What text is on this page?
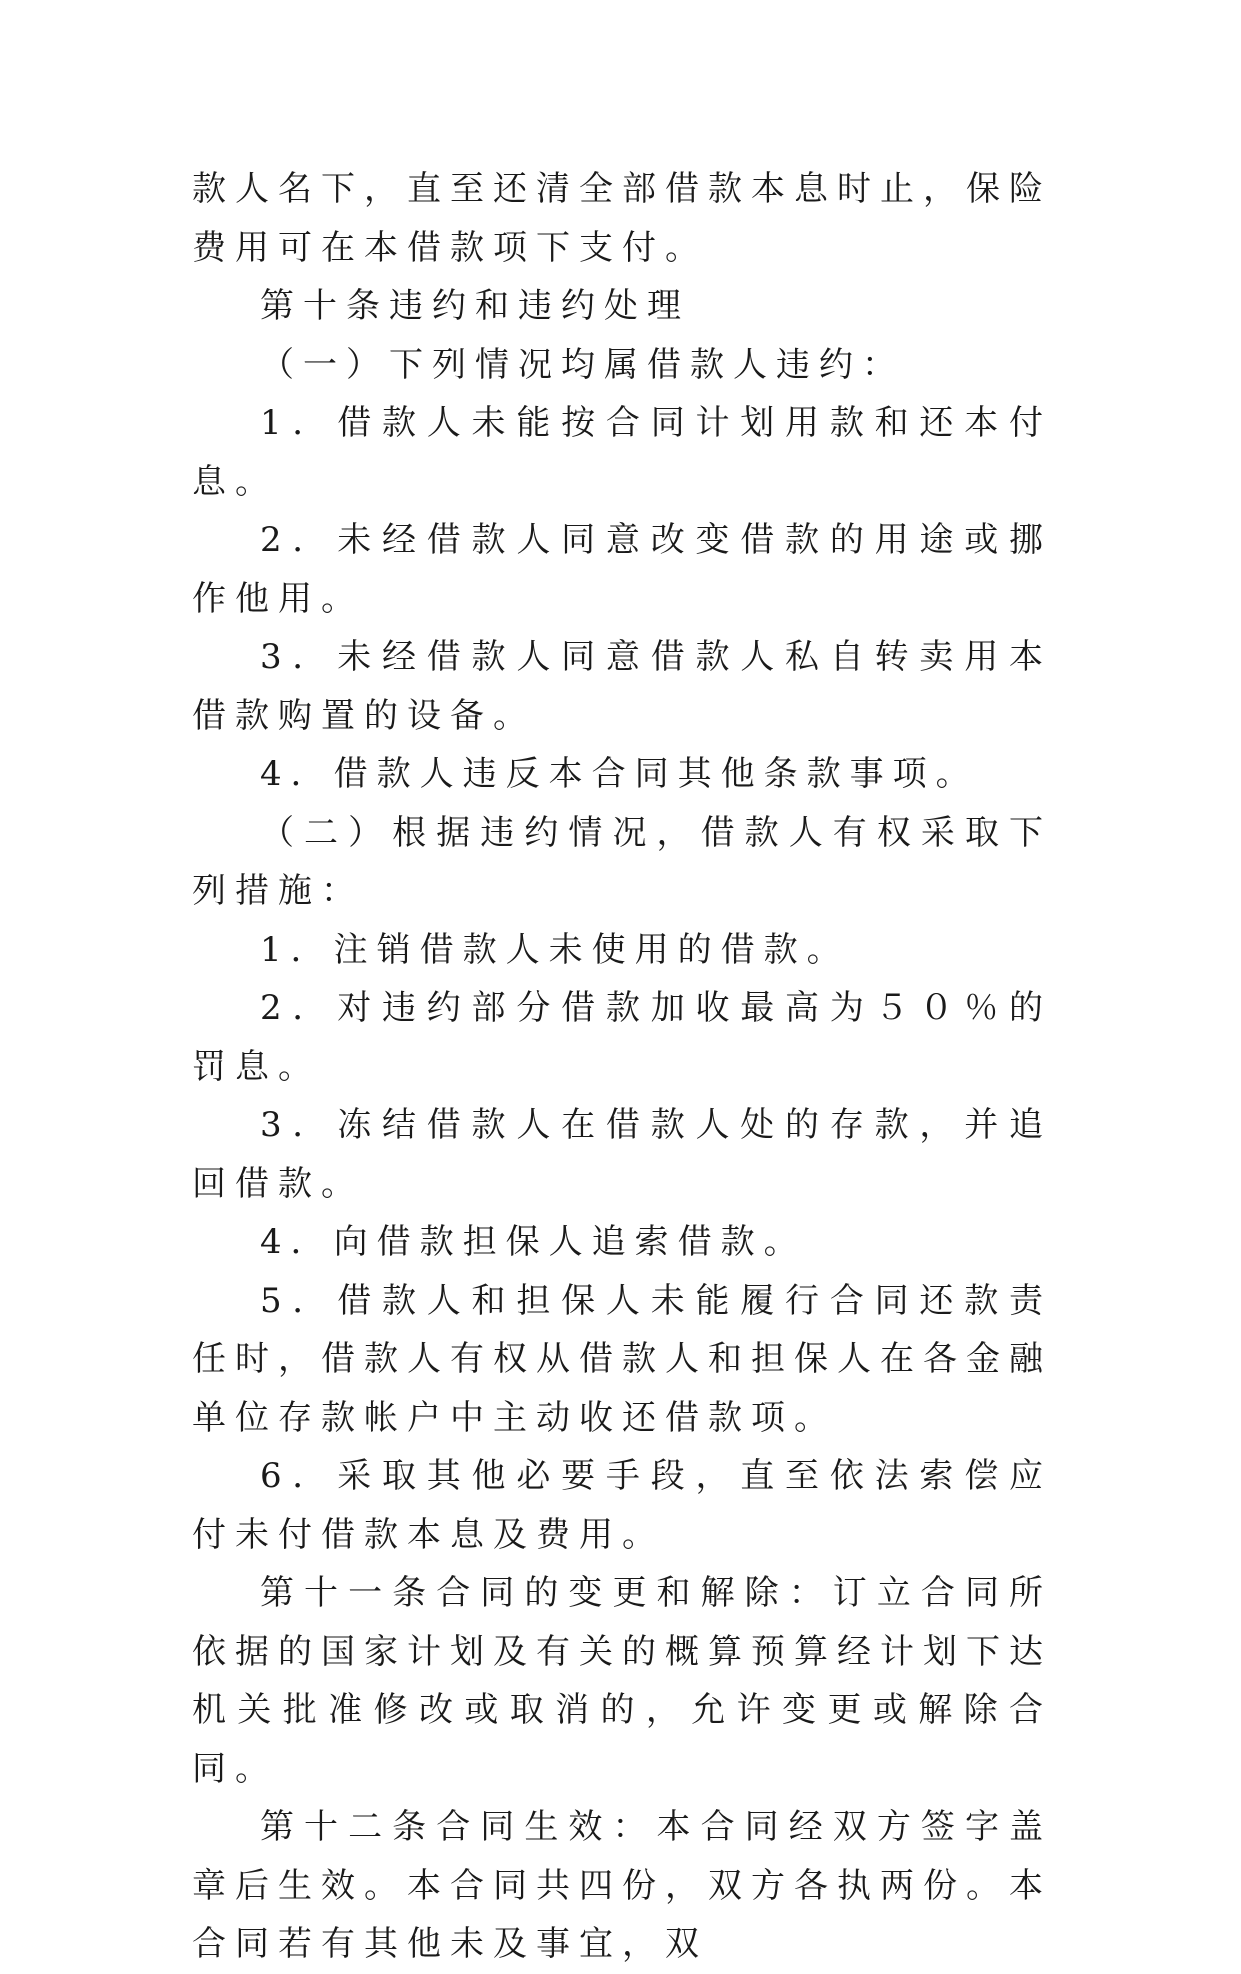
款人名下，直至还清全部借款本息时止，保险费用可在本借款项下支付。

第十条违约和违约处理

（一）下列情况均属借款人违约：

1．借款人未能按合同计划用款和还本付息。

2．未经借款人同意改变借款的用途或挪作他用。

3．未经借款人同意借款人私自转卖用本借款购置的设备。

4．借款人违反本合同其他条款事项。

（二）根据违约情况，借款人有权采取下列措施：

1．注销借款人未使用的借款。

2．对违约部分借款加收最高为５０％的罚息。

3．冻结借款人在借款人处的存款，并追回借款。

4．向借款担保人追索借款。

5．借款人和担保人未能履行合同还款责任时，借款人有权从借款人和担保人在各金融单位存款帐户中主动收还借款项。

6．采取其他必要手段，直至依法索偿应付未付借款本息及费用。

第十一条合同的变更和解除：订立合同所依据的国家计划及有关的概算预算经计划下达机关批准修改或取消的，允许变更或解除合同。

第十二条合同生效：本合同经双方签字盖章后生效。本合同共四份，双方各执两份。本合同若有其他未及事宜，双
